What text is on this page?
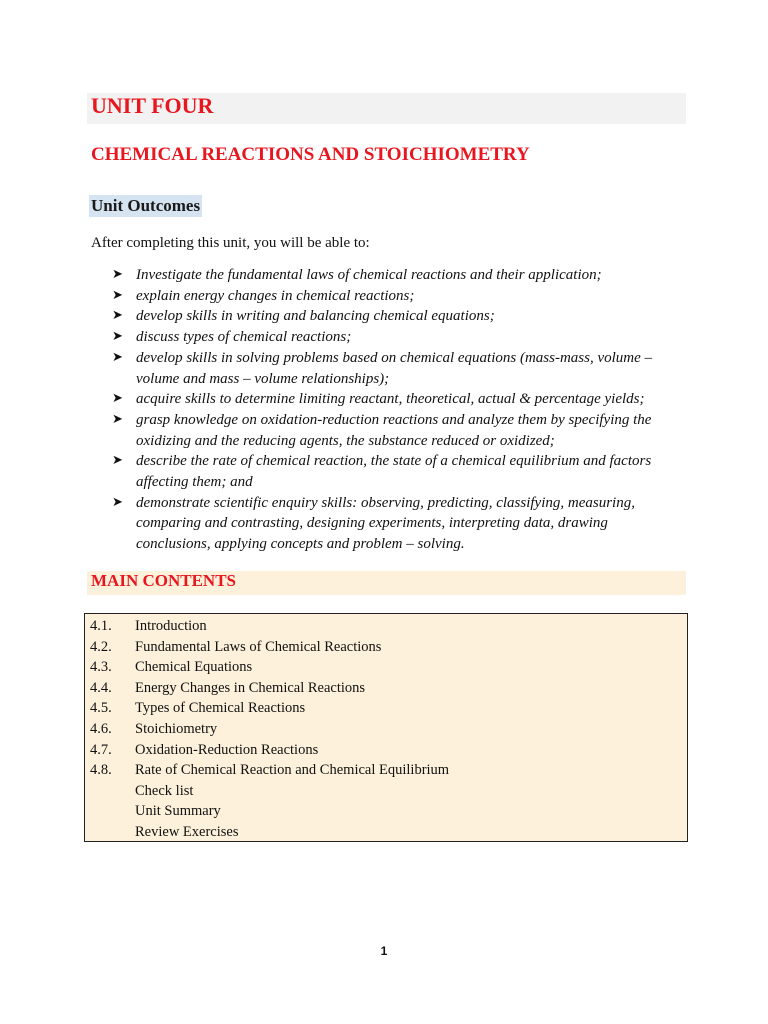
UNIT FOUR
CHEMICAL REACTIONS AND STOICHIOMETRY
Unit Outcomes

After completing this unit, you will be able to:

➤ Investigate the fundamental laws of chemical reactions and their application;
➤ explain energy changes in chemical reactions;
➤ develop skills in writing and balancing chemical equations;
➤ discuss types of chemical reactions;
➤ develop skills in solving problems based on chemical equations (mass-mass, volume – volume and mass – volume relationships);
➤ acquire skills to determine limiting reactant, theoretical, actual & percentage yields;
➤ grasp knowledge on oxidation-reduction reactions and analyze them by specifying the oxidizing and the reducing agents, the substance reduced or oxidized;
➤ describe the rate of chemical reaction, the state of a chemical equilibrium and factors affecting them; and
➤ demonstrate scientific enquiry skills: observing, predicting, classifying, measuring, comparing and contrasting, designing experiments, interpreting data, drawing conclusions, applying concepts and problem – solving.
MAIN CONTENTS
4.1. Introduction
4.2. Fundamental Laws of Chemical Reactions
4.3. Chemical Equations
4.4. Energy Changes in Chemical Reactions
4.5. Types of Chemical Reactions
4.6. Stoichiometry
4.7. Oxidation-Reduction Reactions
4.8. Rate of Chemical Reaction and Chemical Equilibrium
Check list
Unit Summary
Review Exercises

1
